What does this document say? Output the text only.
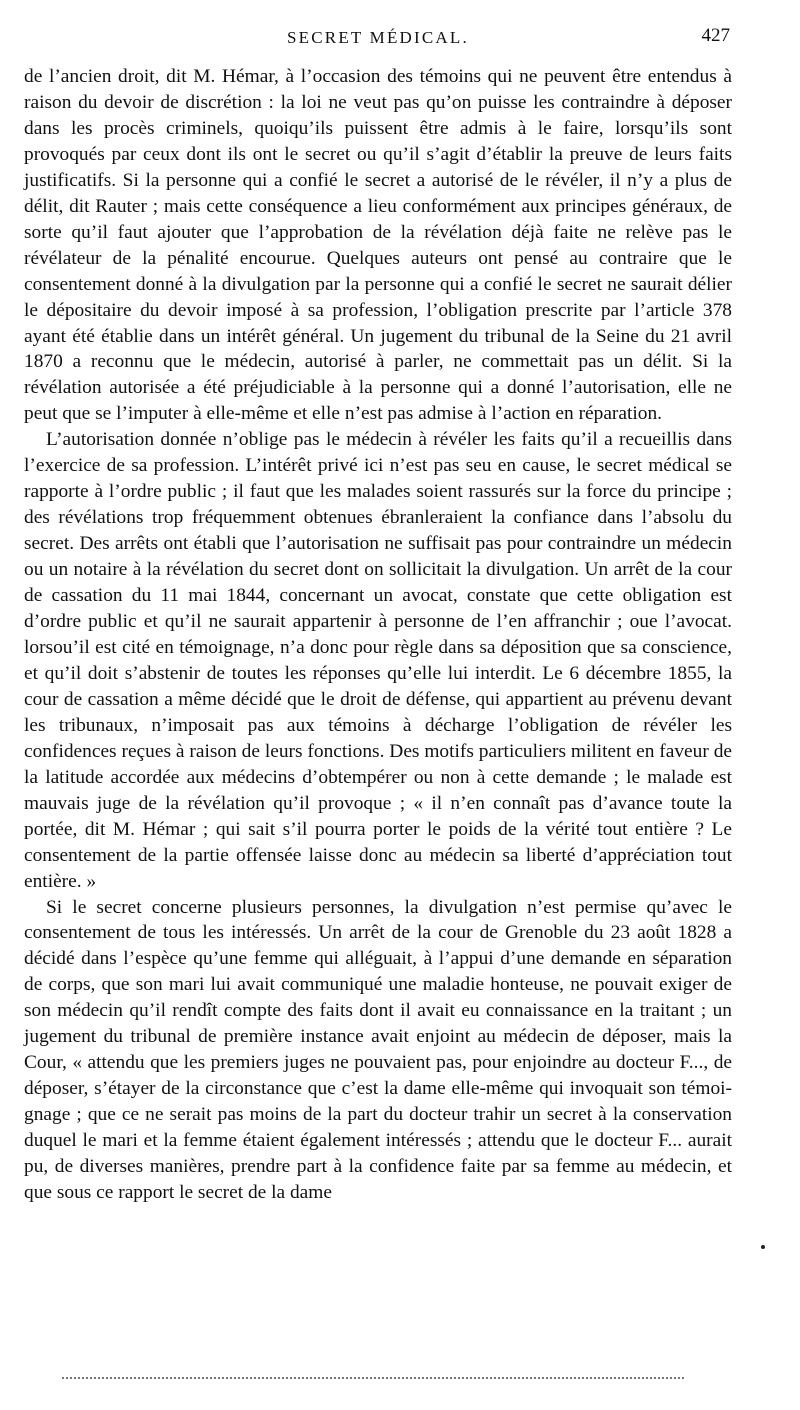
SECRET MÉDICAL.	427

de l’ancien droit, dit M. Hémar, à l’occasion des témoins qui ne peuvent être entendus à raison du devoir de discrétion : la loi ne veut pas qu’on puisse les contraindre à déposer dans les procès criminels, quoiqu’ils puissent être admis à le faire, lorsqu’ils sont provoqués par ceux dont ils ont le secret ou qu’il s’agit d’établir la preuve de leurs faits justificatifs. Si la personne qui a confié le secret a autorisé de le révéler, il n’y a plus de délit, dit Rauter ; mais cette conséquence a lieu conformément aux principes généraux, de sorte qu’il faut ajouter que l’approbation de la révélation déjà faite ne relève pas le révélateur de la pénalité encourue. Quelques auteurs ont pensé au contraire que le consentement donné à la divulgation par la personne qui a confié le secret ne saurait délier le dépositaire du devoir imposé à sa profession, l’obligation prescrite par l’article 378 ayant été établie dans un intérêt général. Un jugement du tribunal de la Seine du 21 avril 1870 a reconnu que le médecin, autorisé à parler, ne commettait pas un délit. Si la révélation autorisée a été préjudiciable à la personne qui a donné l’autorisation, elle ne peut que se l’imputer à elle-même et elle n’est pas admise à l’action en réparation.

L’autorisation donnée n’oblige pas le médecin à révéler les faits qu’il a recueillis dans l’exercice de sa profession. L’intérêt privé ici n’est pas seu en cause, le secret médical se rapporte à l’ordre public ; il faut que les malades soient rassurés sur la force du principe ; des révélations trop fréquemment obtenues ébranleraient la confiance dans l’absolu du secret. Des arrêts ont établi que l’autorisation ne suffisait pas pour contraindre un médecin ou un notaire à la révélation du secret dont on sollicitait la divulgation. Un arrêt de la cour de cassation du 11 mai 1844, concernant un avocat, constate que cette obligation est d’ordre public et qu’il ne saurait appartenir à personne de l’en affranchir ; oue l’avocat. lorsou’il est cité en témoignage, n’a donc pour règle dans sa déposition que sa conscience, et qu’il doit s’abstenir de toutes les réponses qu’elle lui interdit. Le 6 décembre 1855, la cour de cassation a même décidé que le droit de défense, qui appartient au prévenu devant les tribunaux, n’imposait pas aux témoins à décharge l’obligation de révéler les confidences reçues à raison de leurs fonctions. Des motifs particuliers militent en faveur de la latitude accordée aux médecins d’obtempérer ou non à cette demande ; le malade est mauvais juge de la révélation qu’il provoque ; « il n’en connaît pas d’avance toute la portée, dit M. Hémar ; qui sait s’il pourra porter le poids de la vérité tout entière ? Le consentement de la partie offensée laisse donc au médecin sa liberté d’appréciation tout entière. »

Si le secret concerne plusieurs personnes, la divulgation n’est permise qu’avec le consentement de tous les intéressés. Un arrêt de la cour de Grenoble du 23 août 1828 a décidé dans l’espèce qu’une femme qui alléguait, à l’appui d’une demande en séparation de corps, que son mari lui avait communiqué une maladie honteuse, ne pouvait exiger de son médecin qu’il rendît compte des faits dont il avait eu connaissance en la traitant ; un jugement du tribunal de première instance avait enjoint au médecin de déposer, mais la Cour, « attendu que les premiers juges ne pouvaient pas, pour enjoindre au docteur F..., de déposer, s’étayer de la circonstance que c’est la dame elle-même qui invoquait son témoignage ; que ce ne serait pas moins de la part du docteur trahir un secret à la conservation duquel le mari et la femme étaient également intéressés ; attendu que le docteur F... aurait pu, de diverses manières, prendre part à la confidence faite par sa femme au médecin, et que sous ce rapport le secret de la dame
